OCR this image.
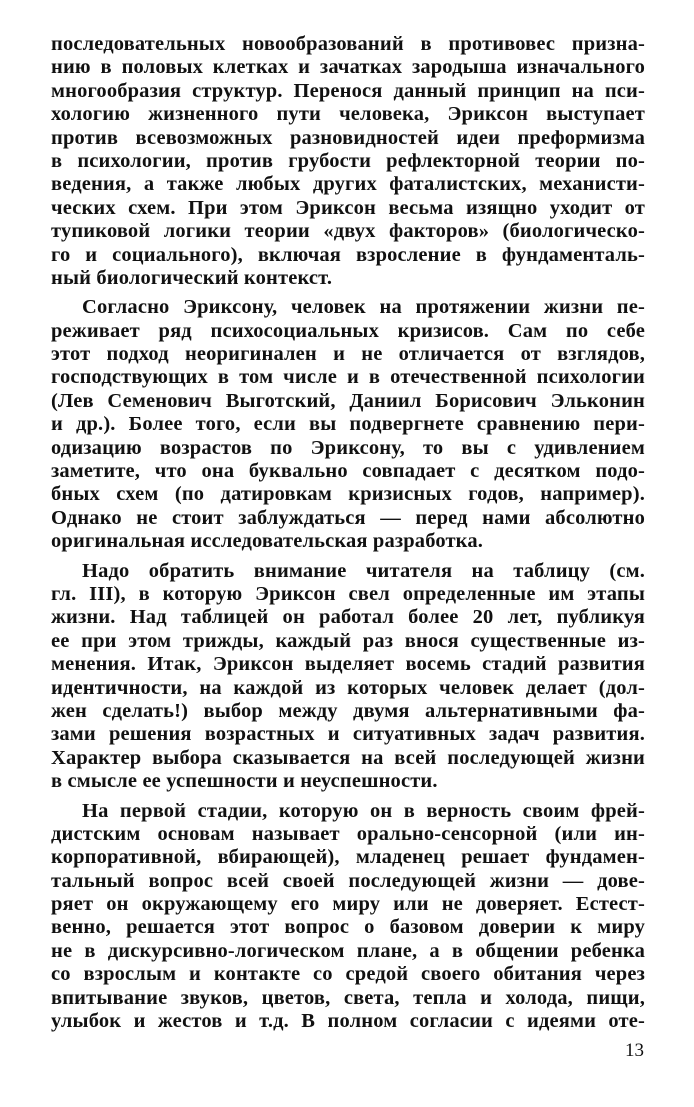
последовательных новообразований в противовес призна-
нию в половых клетках и зачатках зародыша изначального
многообразия структур. Перенося данный принцип на пси-
хологию жизненного пути человека, Эриксон выступает
против всевозможных разновидностей идеи преформизма
в психологии, против грубости рефлекторной теории по-
ведения, а также любых других фаталистских, механисти-
ческих схем. При этом Эриксон весьма изящно уходит от
тупиковой логики теории «двух факторов» (биологическо-
го и социального), включая взросление в фундаменталь-
ный биологический контекст.
Согласно Эриксону, человек на протяжении жизни пе-
реживает ряд психосоциальных кризисов. Сам по себе
этот подход неоригинален и не отличается от взглядов,
господствующих в том числе и в отечественной психологии
(Лев Семенович Выготский, Даниил Борисович Эльконин
и др.). Более того, если вы подвергнете сравнению пери-
одизацию возрастов по Эриксону, то вы с удивлением
заметите, что она буквально совпадает с десятком подо-
бных схем (по датировкам кризисных годов, например).
Однако не стоит заблуждаться — перед нами абсолютно
оригинальная исследовательская разработка.
Надо обратить внимание читателя на таблицу (см.
гл. III), в которую Эриксон свел определенные им этапы
жизни. Над таблицей он работал более 20 лет, публикуя
ее при этом трижды, каждый раз внося существенные из-
менения. Итак, Эриксон выделяет восемь стадий развития
идентичности, на каждой из которых человек делает (дол-
жен сделать!) выбор между двумя альтернативными фа-
зами решения возрастных и ситуативных задач развития.
Характер выбора сказывается на всей последующей жизни
в смысле ее успешности и неуспешности.
На первой стадии, которую он в верность своим фрей-
дистским основам называет орально-сенсорной (или ин-
корпоративной, вбирающей), младенец решает фундамен-
тальный вопрос всей своей последующей жизни — дове-
ряет он окружающему его миру или не доверяет. Естест-
венно, решается этот вопрос о базовом доверии к миру
не в дискурсивно-логическом плане, а в общении ребенка
со взрослым и контакте со средой своего обитания через
впитывание звуков, цветов, света, тепла и холода, пищи,
улыбок и жестов и т.д. В полном согласии с идеями оте-
13
